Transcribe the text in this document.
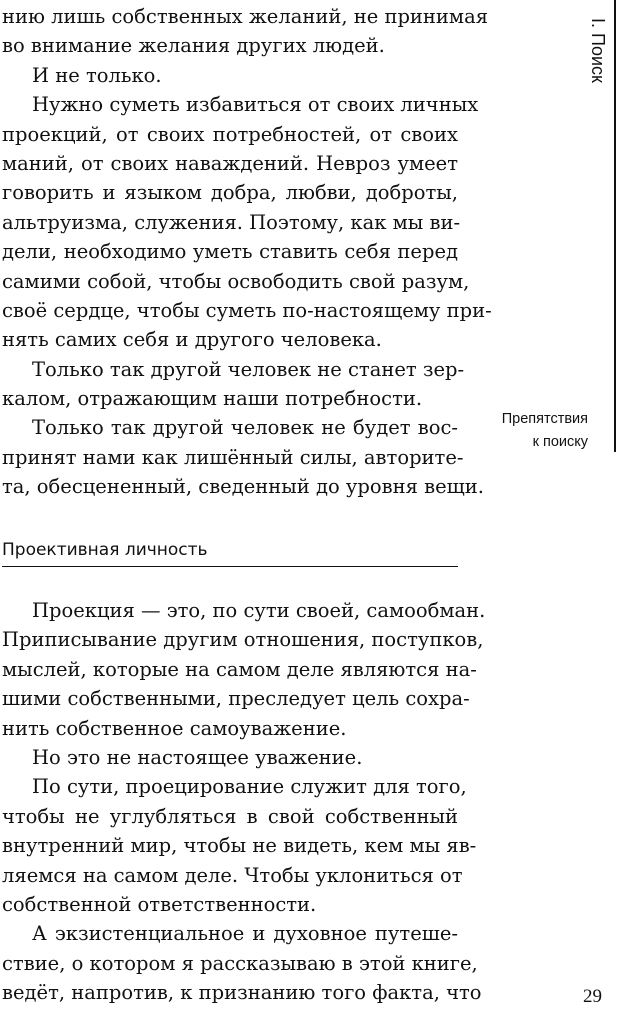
I. Поиск
Препятствия
к поиску
нию лишь собственных желаний, не принимая
во внимание желания других людей.
И не только.
Нужно суметь избавиться от своих личных
проекций, от своих потребностей, от своих
маний, от своих наваждений. Невроз умеет
говорить и языком добра, любви, доброты,
альтруизма, служения. Поэтому, как мы ви-
дели, необходимо уметь ставить себя перед
самими собой, чтобы освободить свой разум,
своё сердце, чтобы суметь по-настоящему при-
нять самих себя и другого человека.
Только так другой человек не станет зер-
калом, отражающим наши потребности.
Только так другой человек не будет вос-
принят нами как лишённый силы, авторите-
та, обесцененный, сведенный до уровня вещи.
Проективная личность
Проекция — это, по сути своей, самообман.
Приписывание другим отношения, поступков,
мыслей, которые на самом деле являются на-
шими собственными, преследует цель сохра-
нить собственное самоуважение.
Но это не настоящее уважение.
По сути, проецирование служит для того,
чтобы не углубляться в свой собственный
внутренний мир, чтобы не видеть, кем мы яв-
ляемся на самом деле. Чтобы уклониться от
собственной ответственности.
А экзистенциальное и духовное путеше-
ствие, о котором я рассказываю в этой книге,
ведёт, напротив, к признанию того факта, что	29
